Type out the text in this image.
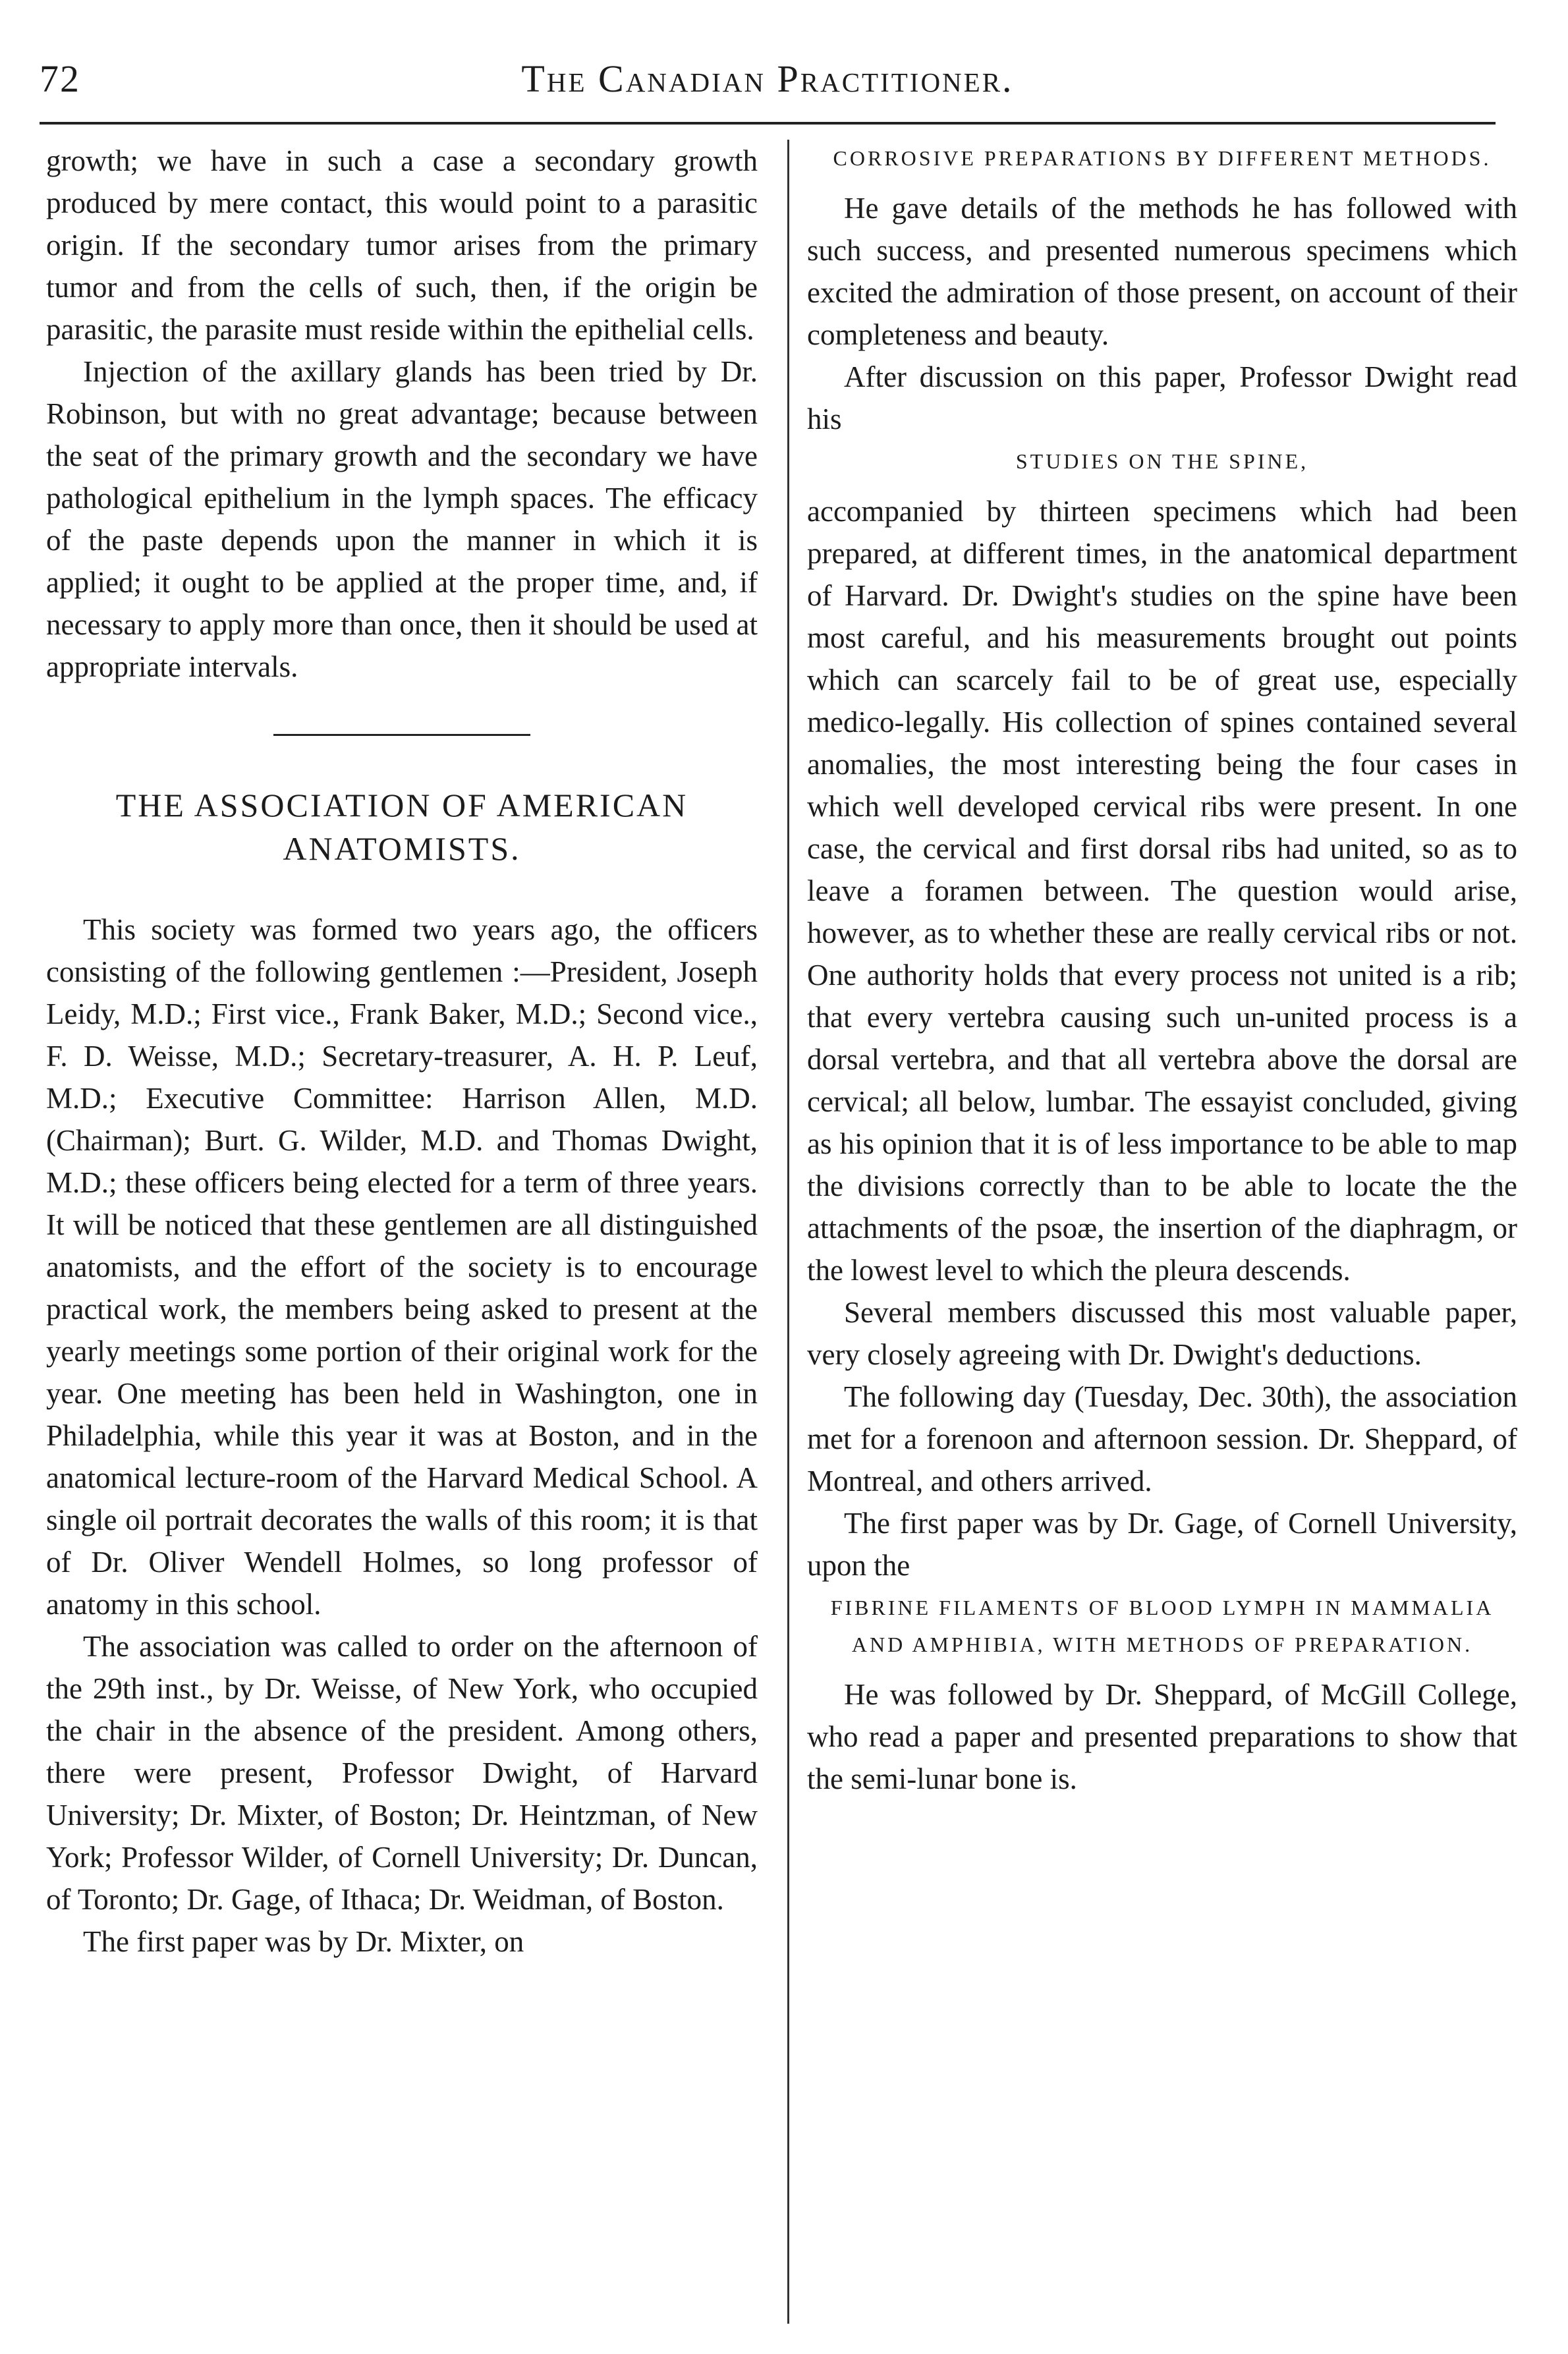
72	The Canadian Practitioner.

growth; we have in such a case a secondary growth produced by mere contact, this would point to a parasitic origin. If the secondary tumor arises from the primary tumor and from the cells of such, then, if the origin be parasitic, the parasite must reside within the epithelial cells.

Injection of the axillary glands has been tried by Dr. Robinson, but with no great advantage; because between the seat of the primary growth and the secondary we have pathological epithelium in the lymph spaces. The efficacy of the paste depends upon the manner in which it is applied; it ought to be applied at the proper time, and, if necessary to apply more than once, then it should be used at appropriate intervals.

THE ASSOCIATION OF AMERICAN ANATOMISTS.

This society was formed two years ago, the officers consisting of the following gentlemen :—President, Joseph Leidy, M.D.; First vice., Frank Baker, M.D.; Second vice., F. D. Weisse, M.D.; Secretary-treasurer, A. H. P. Leuf, M.D.; Executive Committee: Harrison Allen, M.D. (Chairman); Burt. G. Wilder, M.D. and Thomas Dwight, M.D.; these officers being elected for a term of three years. It will be noticed that these gentlemen are all distinguished anatomists, and the effort of the society is to encourage practical work, the members being asked to present at the yearly meetings some portion of their original work for the year. One meeting has been held in Washington, one in Philadelphia, while this year it was at Boston, and in the anatomical lecture-room of the Harvard Medical School. A single oil portrait decorates the walls of this room; it is that of Dr. Oliver Wendell Holmes, so long professor of anatomy in this school.

The association was called to order on the afternoon of the 29th inst., by Dr. Weisse, of New York, who occupied the chair in the absence of the president. Among others, there were present, Professor Dwight, of Harvard University; Dr. Mixter, of Boston; Dr. Heintzman, of New York; Professor Wilder, of Cornell University; Dr. Duncan, of Toronto; Dr. Gage, of Ithaca; Dr. Weidman, of Boston.

The first paper was by Dr. Mixter, on

CORROSIVE PREPARATIONS BY DIFFERENT METHODS.

He gave details of the methods he has followed with such success, and presented numerous specimens which excited the admiration of those present, on account of their completeness and beauty.

After discussion on this paper, Professor Dwight read his

STUDIES ON THE SPINE,

accompanied by thirteen specimens which had been prepared, at different times, in the anatomical department of Harvard. Dr. Dwight's studies on the spine have been most careful, and his measurements brought out points which can scarcely fail to be of great use, especially medico-legally. His collection of spines contained several anomalies, the most interesting being the four cases in which well developed cervical ribs were present. In one case, the cervical and first dorsal ribs had united, so as to leave a foramen between. The question would arise, however, as to whether these are really cervical ribs or not. One authority holds that every process not united is a rib; that every vertebra causing such un-united process is a dorsal vertebra, and that all vertebra above the dorsal are cervical; all below, lumbar. The essayist concluded, giving as his opinion that it is of less importance to be able to map the divisions correctly than to be able to locate the the attachments of the psoæ, the insertion of the diaphragm, or the lowest level to which the pleura descends.

Several members discussed this most valuable paper, very closely agreeing with Dr. Dwight's deductions.

The following day (Tuesday, Dec. 30th), the association met for a forenoon and afternoon session. Dr. Sheppard, of Montreal, and others arrived.

The first paper was by Dr. Gage, of Cornell University, upon the

FIBRINE FILAMENTS OF BLOOD LYMPH IN MAMMALIA AND AMPHIBIA, WITH METHODS OF PREPARATION.

He was followed by Dr. Sheppard, of McGill College, who read a paper and presented preparations to show that the semi-lunar bone is.
